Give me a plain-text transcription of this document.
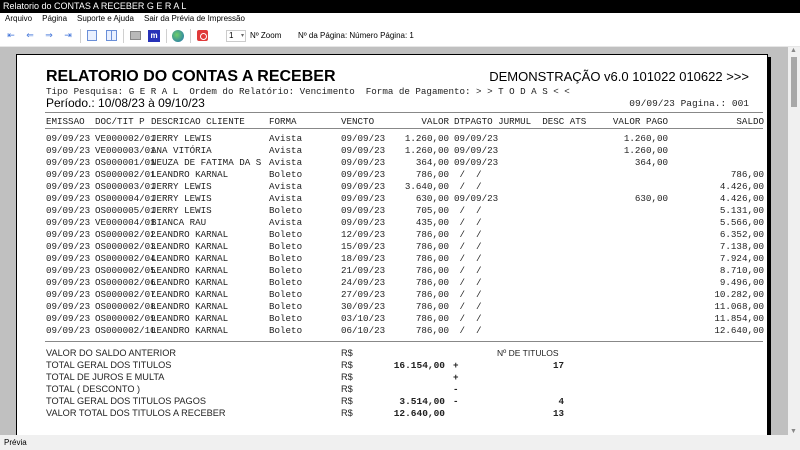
Relatorio do CONTAS A RECEBER G E R A L
Arquivo Página Suporte e Ajuda Sair da Prévia de Impressão
⇤	⇐	⇒	⇥	m	1 ▾ Nº Zoom Nº da Página: Número Página: 1
RELATORIO DO CONTAS A RECEBER	DEMONSTRAÇÃO v6.0 101022 010622 >>>
Tipo Pesquisa: G E R A L  Ordem do Relatório: Vencimento  Forma de Pagamento: > > T O D A S < <
Período.: 10/08/23 à 09/10/23	09/09/23 Pagina.: 001

EMISSAO

DOC/TIT P

DESCRICAO CLIENTE

	FORMA

	VENCTO

	VALOR

DTPAGTO JURMUL  DESC ATS

	VALOR PAGO

	SALDO

09/09/23 VE000002/01
JERRY LEWIS	Avista	09/09/23 1.260,00 09/09/23	1.260,00
09/09/23 VE000003/01
ANA VITÓRIA	Avista	09/09/23 1.260,00 09/09/23	1.260,00
09/09/23 OS000001/01
NEUZA DE FATIMA DA S Avista	09/09/23	364,00 09/09/23	364,00
09/09/23 OS000002/01
LEANDRO KARNAL	Boleto	09/09/23	786,00 /  /	786,00
09/09/23 OS000003/01
JERRY LEWIS	Avista	09/09/23 3.640,00 /  /	4.426,00
09/09/23 OS000004/01
JERRY LEWIS	Avista	09/09/23	630,00 09/09/23	630,00	4.426,00
09/09/23 OS000005/01
JERRY LEWIS	Boleto	09/09/23	705,00 /  /	5.131,00
09/09/23 VE000004/01
BIANCA RAU	Avista	09/09/23	435,00 /  /	5.566,00
09/09/23 OS000002/02
LEANDRO KARNAL	Boleto	12/09/23	786,00 /  /	6.352,00
09/09/23 OS000002/03
LEANDRO KARNAL	Boleto	15/09/23	786,00 /  /	7.138,00
09/09/23 OS000002/04
LEANDRO KARNAL	Boleto	18/09/23	786,00 /  /	7.924,00
09/09/23 OS000002/05
LEANDRO KARNAL	Boleto	21/09/23	786,00 /  /	8.710,00
09/09/23 OS000002/06
LEANDRO KARNAL	Boleto	24/09/23	786,00 /  /	9.496,00
09/09/23 OS000002/07
LEANDRO KARNAL	Boleto	27/09/23	786,00 /  /	10.282,00
09/09/23 OS000002/08
LEANDRO KARNAL	Boleto	30/09/23	786,00 /  /	11.068,00
09/09/23 OS000002/09
LEANDRO KARNAL	Boleto	03/10/23	786,00 /  /	11.854,00
09/09/23 OS000002/10
LEANDRO KARNAL	Boleto	06/10/23	786,00 /  /	12.640,00
VALOR DO SALDO ANTERIOR	R$	Nº DE TITULOS
TOTAL GERAL DOS TITULOS	R$	16.154,00 +	17
TOTAL DE JUROS E MULTA	R$	+
TOTAL ( DESCONTO )	R$	-
TOTAL GERAL DOS TITULOS PAGOS	R$	3.514,00 -	4
VALOR TOTAL DOS TITULOS A RECEBER	R$	12.640,00	13
▲
▼
Prévia
